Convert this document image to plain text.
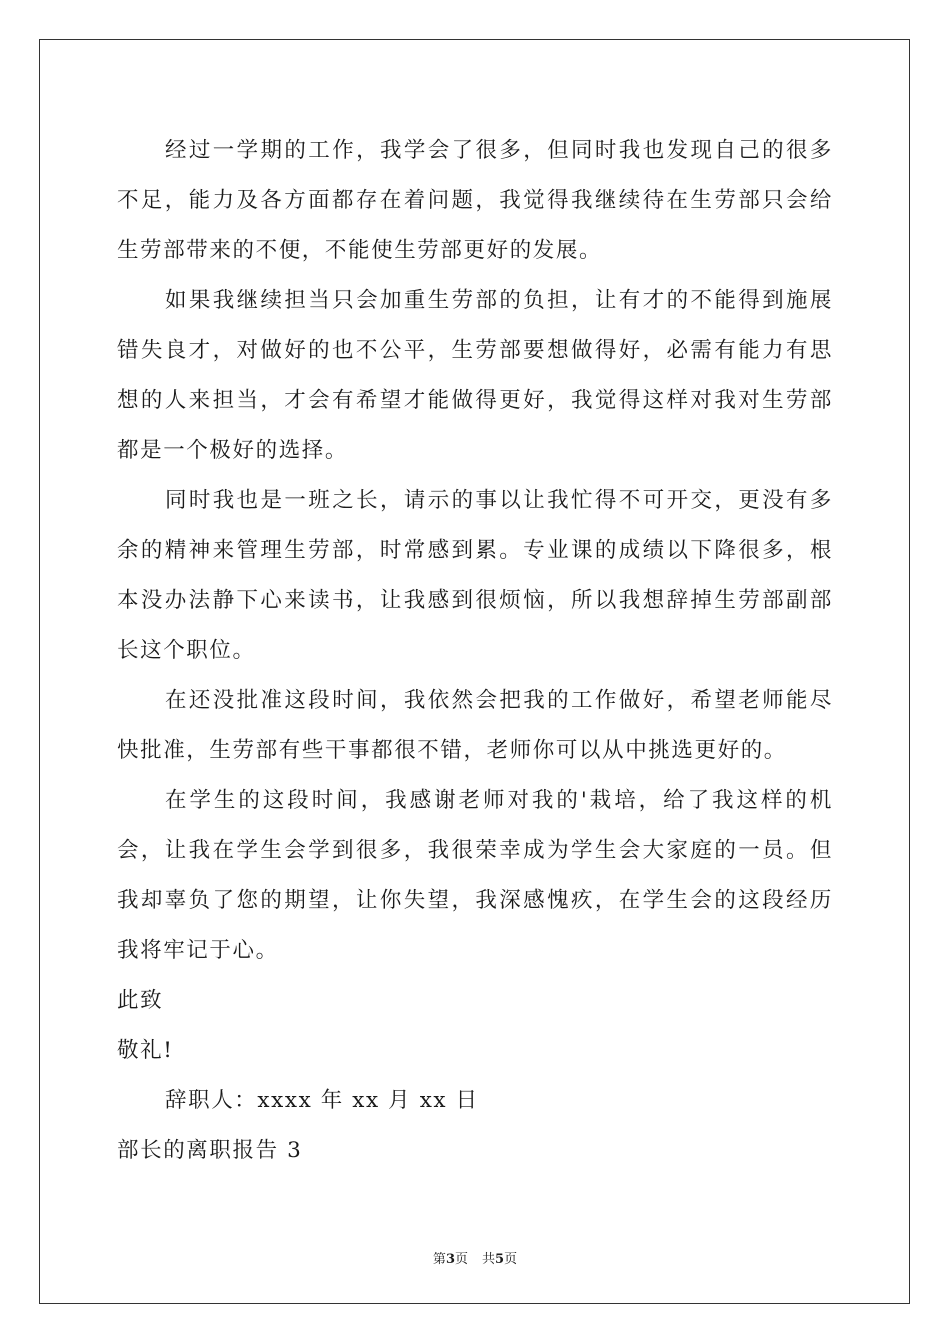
经过一学期的工作，我学会了很多，但同时我也发现自己的很多不足，能力及各方面都存在着问题，我觉得我继续待在生劳部只会给生劳部带来的不便，不能使生劳部更好的发展。

如果我继续担当只会加重生劳部的负担，让有才的不能得到施展错失良才，对做好的也不公平，生劳部要想做得好，必需有能力有思想的人来担当，才会有希望才能做得更好，我觉得这样对我对生劳部都是一个极好的选择。

同时我也是一班之长，请示的事以让我忙得不可开交，更没有多余的精神来管理生劳部，时常感到累。专业课的成绩以下降很多，根本没办法静下心来读书，让我感到很烦恼，所以我想辞掉生劳部副部长这个职位。

在还没批准这段时间，我依然会把我的工作做好，希望老师能尽快批准，生劳部有些干事都很不错，老师你可以从中挑选更好的。

在学生的这段时间，我感谢老师对我的'栽培，给了我这样的机会，让我在学生会学到很多，我很荣幸成为学生会大家庭的一员。但我却辜负了您的期望，让你失望，我深感愧疚，在学生会的这段经历我将牢记于心。

此致

敬礼!

辞职人：xxxx 年 xx 月 xx 日

部长的离职报告 3

第3页 共5页
